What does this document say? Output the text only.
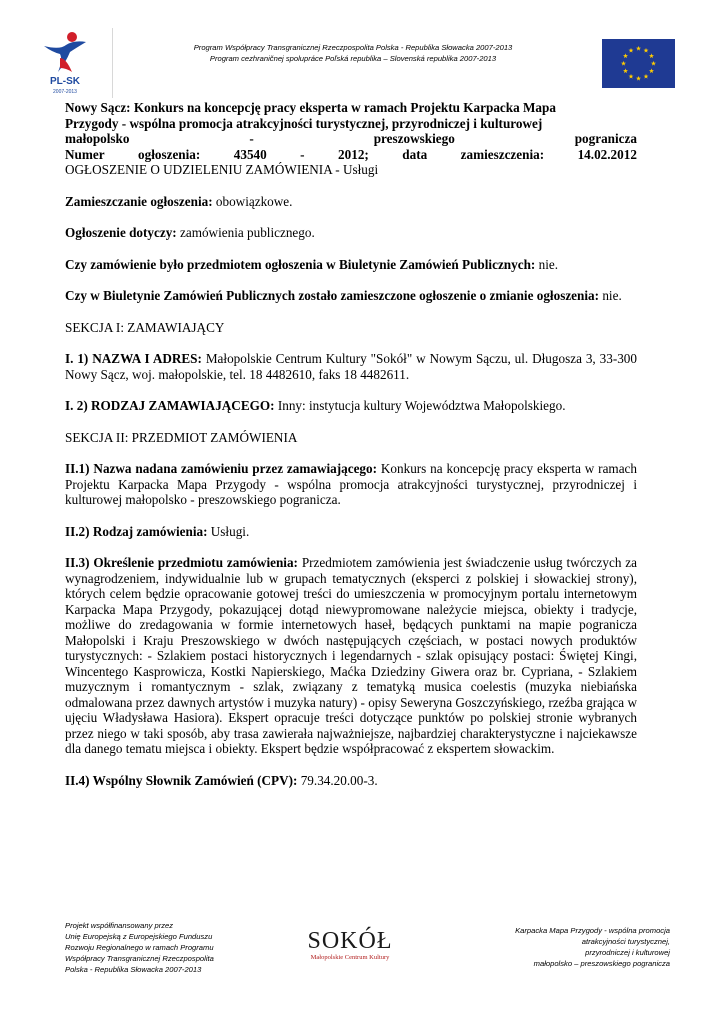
PL-SK
2007-2013
Program Współpracy Transgranicznej Rzeczpospolita Polska - Republika Słowacka 2007-2013
Program cezhraničnej spolupráce Poľská republika – Slovenská republika 2007-2013

Nowy Sącz: Konkurs na koncepcję pracy eksperta w ramach Projektu Karpacka Mapa

Przygody - wspólna promocja atrakcyjności turystycznej, przyrodniczej i kulturowej

małopolsko	-	preszowskiego	pogranicza
Numer	ogłoszenia:	43540	-	2012;	data	zamieszczenia:	14.02.2012

OGŁOSZENIE O UDZIELENIU ZAMÓWIENIA - Usługi

Zamieszczanie ogłoszenia: obowiązkowe.

Ogłoszenie dotyczy: zamówienia publicznego.

Czy zamówienie było przedmiotem ogłoszenia w Biuletynie Zamówień Publicznych: nie.

Czy w Biuletynie Zamówień Publicznych zostało zamieszczone ogłoszenie o zmianie ogłoszenia: nie.

SEKCJA I: ZAMAWIAJĄCY

I. 1) NAZWA I ADRES: Małopolskie Centrum Kultury "Sokół" w Nowym Sączu, ul. Długosza 3, 33-300 Nowy Sącz, woj. małopolskie, tel. 18 4482610, faks 18 4482611.

I. 2) RODZAJ ZAMAWIAJĄCEGO: Inny: instytucja kultury Województwa Małopolskiego.

SEKCJA II: PRZEDMIOT ZAMÓWIENIA

II.1) Nazwa nadana zamówieniu przez zamawiającego: Konkurs na koncepcję pracy eksperta w ramach Projektu Karpacka Mapa Przygody - wspólna promocja atrakcyjności turystycznej, przyrodniczej i kulturowej małopolsko - preszowskiego pogranicza.

II.2) Rodzaj zamówienia: Usługi.

II.3) Określenie przedmiotu zamówienia: Przedmiotem zamówienia jest świadczenie usług twórczych za wynagrodzeniem, indywidualnie lub w grupach tematycznych (eksperci z polskiej i słowackiej strony), których celem będzie opracowanie gotowej treści do umieszczenia w promocyjnym portalu internetowym Karpacka Mapa Przygody, pokazującej dotąd niewypromowane należycie miejsca, obiekty i tradycje, możliwe do zredagowania w formie internetowych haseł, będących punktami na mapie pogranicza Małopolski i Kraju Preszowskiego w dwóch następujących częściach, w postaci nowych produktów turystycznych: - Szlakiem postaci historycznych i legendarnych - szlak opisujący postaci: Świętej Kingi, Wincentego Kasprowicza, Kostki Napierskiego, Maćka Dziedziny Giwera oraz br. Cypriana, - Szlakiem muzycznym i romantycznym - szlak, związany z tematyką musica coelestis (muzyka niebiańska odmalowana przez dawnych artystów i muzyka natury) - opisy Seweryna Goszczyńskiego, rzeźba grająca w ujęciu Władysława Hasiora). Ekspert opracuje treści dotyczące punktów po polskiej stronie wybranych przez niego w taki sposób, aby trasa zawierała najważniejsze, najbardziej charakterystyczne i najciekawsze dla danego tematu miejsca i obiekty. Ekspert będzie współpracować z ekspertem słowackim.

II.4) Wspólny Słownik Zamówień (CPV): 79.34.20.00-3.

Projekt współfinansowany przez
Unię Europejską z Europejskiego Funduszu
Rozwoju Regionalnego w ramach Programu
Współpracy Transgranicznej Rzeczpospolita
Polska - Republika Słowacka 2007-2013
SOKÓŁ
Małopolskie Centrum Kultury
Karpacka Mapa Przygody - wspólna promocja
atrakcyjności turystycznej,
przyrodniczej i kulturowej
małopolsko – preszowskiego pogranicza
